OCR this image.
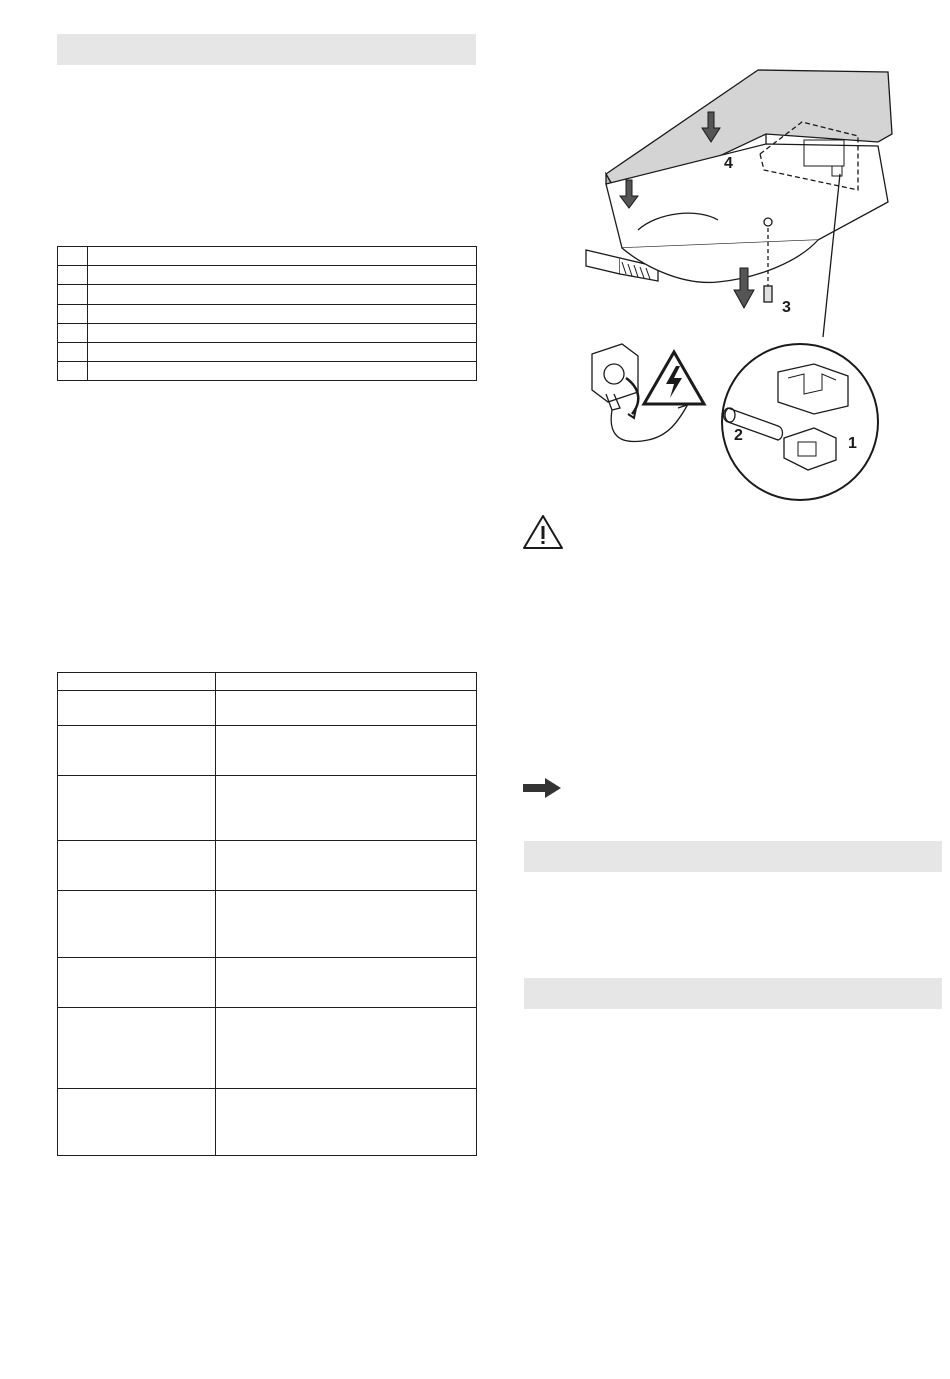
4
3
2	1
